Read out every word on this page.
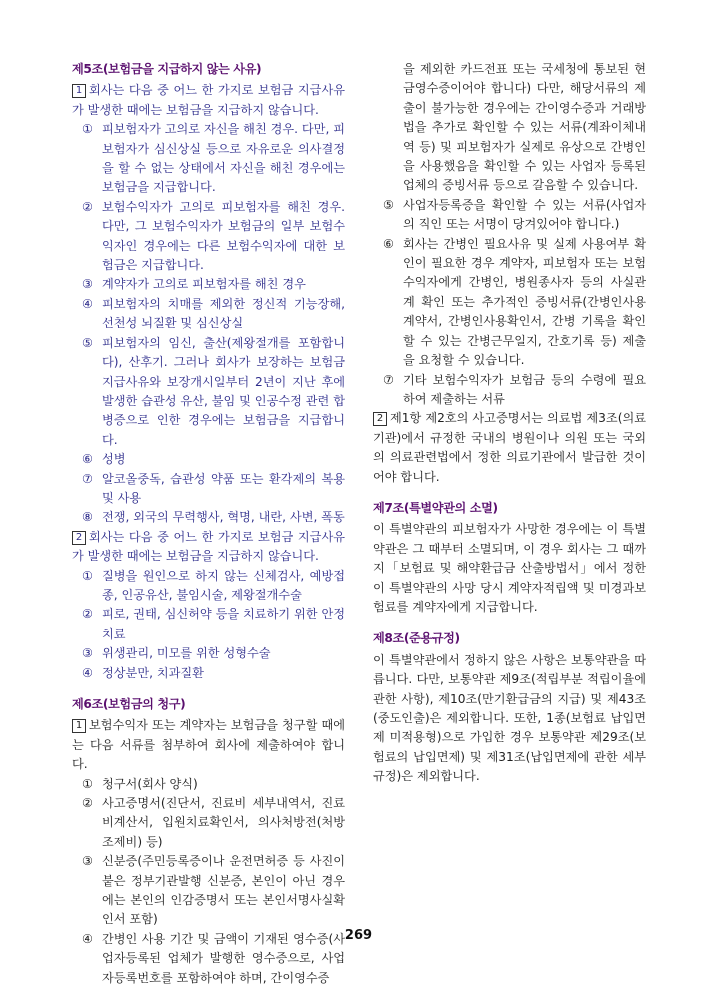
제5조(보험금을 지급하지 않는 사유)

1 회사는 다음 중 어느 한 가지로 보험금 지급사유가 발생한 때에는 보험금을 지급하지 않습니다.

① 피보험자가 고의로 자신을 해친 경우. 다만, 피보험자가 심신상실 등으로 자유로운 의사결정을 할 수 없는 상태에서 자신을 해친 경우에는 보험금을 지급합니다.
② 보험수익자가 고의로 피보험자를 해친 경우. 다만, 그 보험수익자가 보험금의 일부 보험수익자인 경우에는 다른 보험수익자에 대한 보험금은 지급합니다.
③ 계약자가 고의로 피보험자를 해친 경우
④ 피보험자의 치매를 제외한 정신적 기능장해, 선천성 뇌질환 및 심신상실
⑤ 피보험자의 임신, 출산(제왕절개를 포함합니다), 산후기. 그러나 회사가 보장하는 보험금 지급사유와 보장개시일부터 2년이 지난 후에 발생한 습관성 유산, 불임 및 인공수정 관련 합병증으로 인한 경우에는 보험금을 지급합니다.
⑥ 성병
⑦ 알코올중독, 습관성 약품 또는 환각제의 복용 및 사용
⑧ 전쟁, 외국의 무력행사, 혁명, 내란, 사변, 폭동

2 회사는 다음 중 어느 한 가지로 보험금 지급사유가 발생한 때에는 보험금을 지급하지 않습니다.

① 질병을 원인으로 하지 않는 신체검사, 예방접종, 인공유산, 불임시술, 제왕절개수술
② 피로, 권태, 심신허약 등을 치료하기 위한 안정치료
③ 위생관리, 미모를 위한 성형수술
④ 정상분만, 치과질환

제6조(보험금의 청구)

1 보험수익자 또는 계약자는 보험금을 청구할 때에는 다음 서류를 첨부하여 회사에 제출하여야 합니다.

① 청구서(회사 양식)
② 사고증명서(진단서, 진료비 세부내역서, 진료비계산서, 입원치료확인서, 의사처방전(처방조제비) 등)
③ 신분증(주민등록증이나 운전면허증 등 사진이 붙은 정부기관발행 신분증, 본인이 아닌 경우에는 본인의 인감증명서 또는 본인서명사실확인서 포함)
④ 간병인 사용 기간 및 금액이 기재된 영수증(사업자등록된 업체가 발행한 영수증으로, 사업자등록번호를 포함하여야 하며, 간이영수증
을 제외한 카드전표 또는 국세청에 통보된 현금영수증이어야 합니다) 다만, 해당서류의 제출이 불가능한 경우에는 간이영수증과 거래방법을 추가로 확인할 수 있는 서류(계좌이체내역 등) 및 피보험자가 실제로 유상으로 간병인을 사용했음을 확인할 수 있는 사업자 등록된 업체의 증빙서류 등으로 갈음할 수 있습니다.
⑤ 사업자등록증을 확인할 수 있는 서류(사업자의 직인 또는 서명이 당겨있어야 합니다.)
⑥ 회사는 간병인 필요사유 및 실제 사용여부 확인이 필요한 경우 계약자, 피보험자 또는 보험수익자에게 간병인, 병원종사자 등의 사실관계 확인 또는 추가적인 증빙서류(간병인사용계약서, 간병인사용확인서, 간병 기록을 확인할 수 있는 간병근무일지, 간호기록 등) 제출을 요청할 수 있습니다.
⑦ 기타 보험수익자가 보험금 등의 수령에 필요하여 제출하는 서류

2 제1항 제2호의 사고증명서는 의료법 제3조(의료기관)에서 규정한 국내의 병원이나 의원 또는 국외의 의료관련법에서 정한 의료기관에서 발급한 것이어야 합니다.

제7조(특별약관의 소멸)

이 특별약관의 피보험자가 사망한 경우에는 이 특별약관은 그 때부터 소멸되며, 이 경우 회사는 그 때까지「보험료 및 해약환급금 산출방법서」에서 정한 이 특별약관의 사망 당시 계약자적립액 및 미경과보험료를 계약자에게 지급합니다.

제8조(준용규정)

이 특별약관에서 정하지 않은 사항은 보통약관을 따릅니다. 다만, 보통약관 제9조(적립부분 적립이율에 관한 사항), 제10조(만기환급금의 지급) 및 제43조(중도인출)은 제외합니다. 또한, 1종(보험료 납입면제 미적용형)으로 가입한 경우 보통약관 제29조(보험료의 납입면제) 및 제31조(납입면제에 관한 세부규정)은 제외합니다.

269
